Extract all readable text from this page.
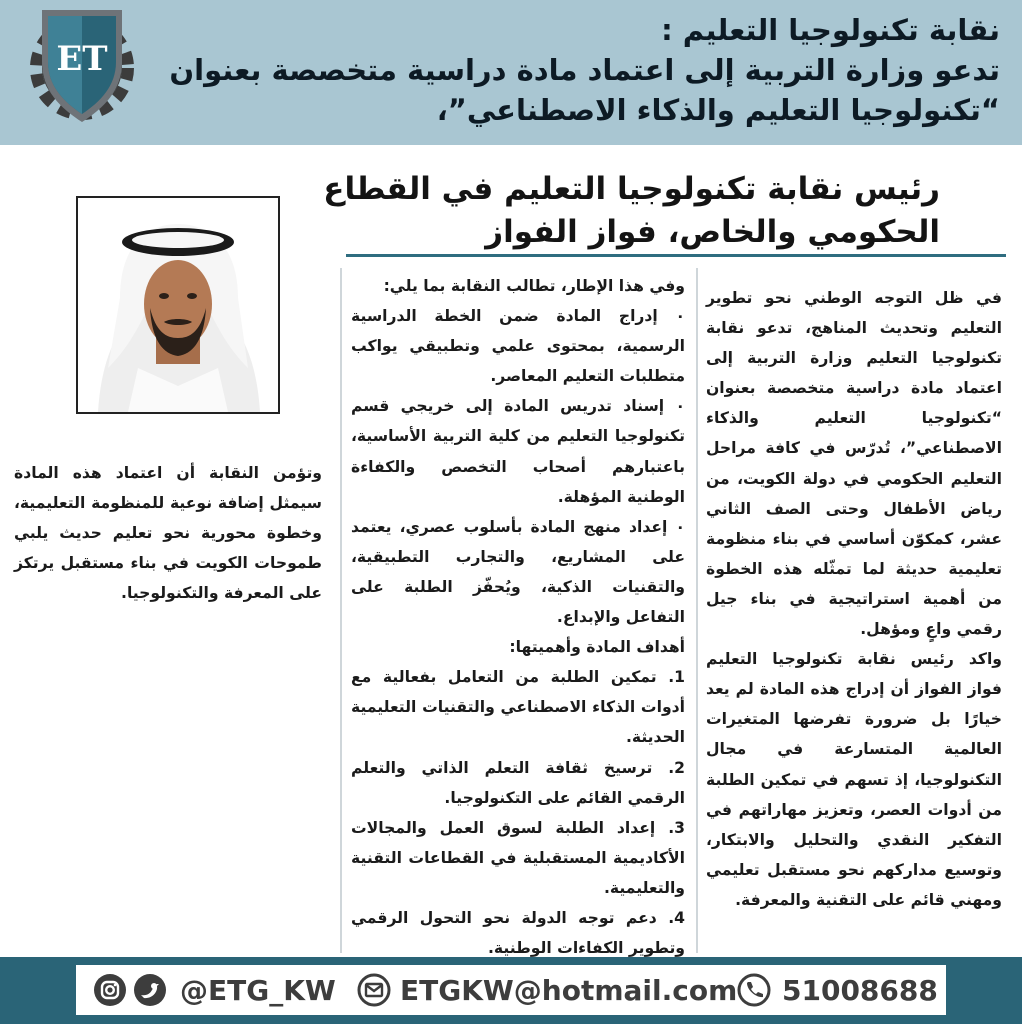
ET
نقابة تكنولوجيا التعليم :
تدعو وزارة التربية إلى اعتماد مادة دراسية متخصصة بعنوان
“تكنولوجيا التعليم والذكاء الاصطناعي”،
رئيس نقابة تكنولوجيا التعليم في القطاع
الحكومي والخاص، فواز الفواز

في ظل التوجه الوطني نحو تطوير التعليم وتحديث المناهج، تدعو نقابة تكنولوجيا التعليم وزارة التربية إلى اعتماد مادة دراسية متخصصة بعنوان “تكنولوجيا التعليم والذكاء الاصطناعي”، تُدرّس في كافة مراحل التعليم الحكومي في دولة الكويت، من رياض الأطفال وحتى الصف الثاني عشر، كمكوّن أساسي في بناء منظومة تعليمية حديثة لما تمثّله هذه الخطوة من أهمية استراتيجية في بناء جيل رقمي واعٍ ومؤهل.

واكد رئيس نقابة تكنولوجيا التعليم فواز الفواز أن إدراج هذه المادة لم يعد خيارًا بل ضرورة تفرضها المتغيرات العالمية المتسارعة في مجال التكنولوجيا، إذ تسهم في تمكين الطلبة من أدوات العصر، وتعزيز مهاراتهم في التفكير النقدي والتحليل والابتكار، وتوسيع مداركهم نحو مستقبل تعليمي ومهني قائم على التقنية والمعرفة.

وفي هذا الإطار، تطالب النقابة بما يلي:

٠ إدراج المادة ضمن الخطة الدراسية الرسمية، بمحتوى علمي وتطبيقي يواكب متطلبات التعليم المعاصر.

٠ إسناد تدريس المادة إلى خريجي قسم تكنولوجيا التعليم من كلية التربية الأساسية، باعتبارهم أصحاب التخصص والكفاءة الوطنية المؤهلة.

٠ إعداد منهج المادة بأسلوب عصري، يعتمد على المشاريع، والتجارب التطبيقية، والتقنيات الذكية، ويُحفّز الطلبة على التفاعل والإبداع.

أهداف المادة وأهميتها:

1. تمكين الطلبة من التعامل بفعالية مع أدوات الذكاء الاصطناعي والتقنيات التعليمية الحديثة.

2. ترسيخ ثقافة التعلم الذاتي والتعلم الرقمي القائم على التكنولوجيا.

3. إعداد الطلبة لسوق العمل والمجالات الأكاديمية المستقبلية في القطاعات التقنية والتعليمية.

4. دعم توجه الدولة نحو التحول الرقمي وتطوير الكفاءات الوطنية.

وتؤمن النقابة أن اعتماد هذه المادة سيمثل إضافة نوعية للمنظومة التعليمية، وخطوة محورية نحو تعليم حديث يلبي طموحات الكويت في بناء مستقبل يرتكز على المعرفة والتكنولوجيا.

@ETG_KW ETGKW@hotmail.com 51008688
